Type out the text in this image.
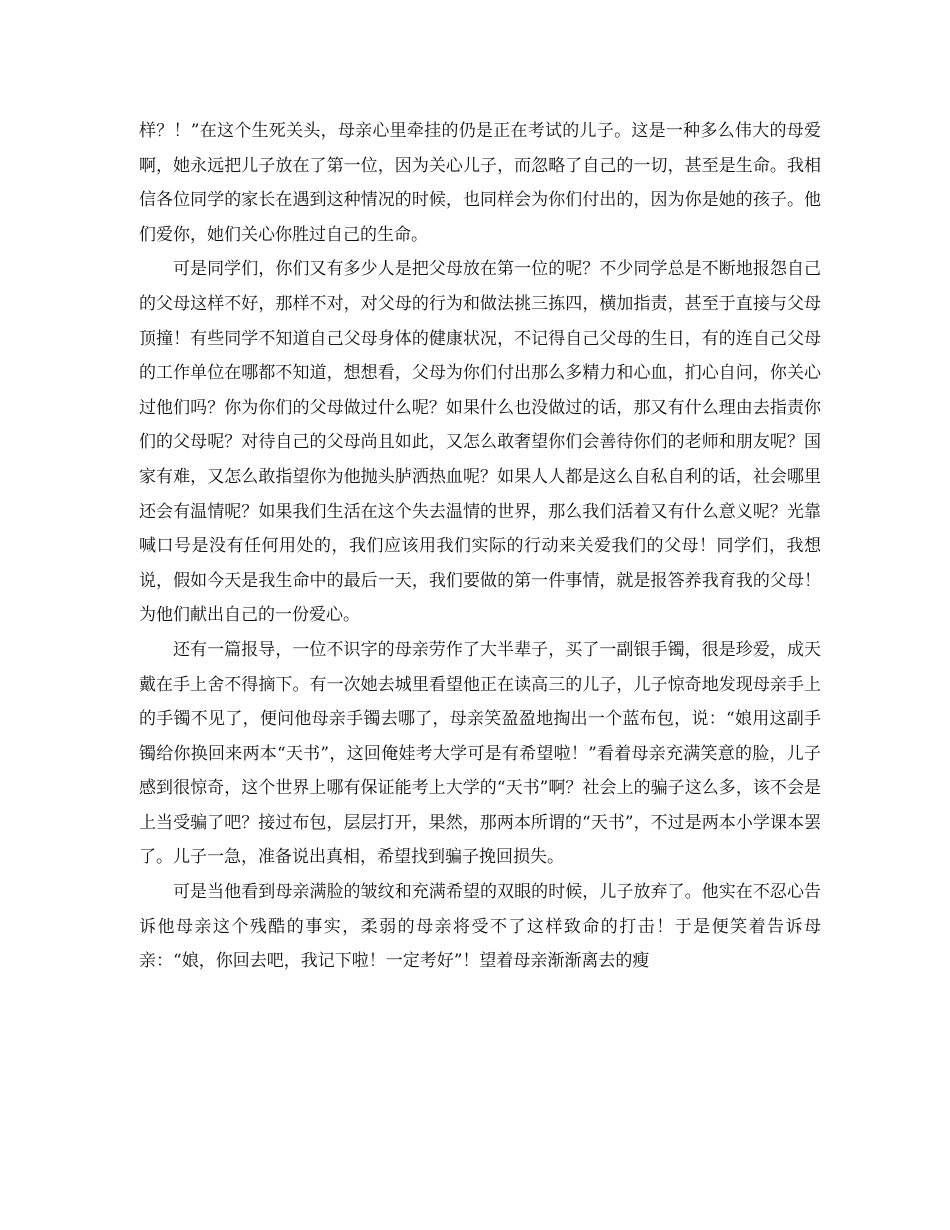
样？！”在这个生死关头，母亲心里牵挂的仍是正在考试的儿子。这是一种多么伟大的母爱啊，她永远把儿子放在了第一位，因为关心儿子，而忽略了自己的一切，甚至是生命。我相信各位同学的家长在遇到这种情况的时候，也同样会为你们付出的，因为你是她的孩子。他们爱你，她们关心你胜过自己的生命。

可是同学们，你们又有多少人是把父母放在第一位的呢？不少同学总是不断地报怨自己的父母这样不好，那样不对，对父母的行为和做法挑三拣四，横加指责，甚至于直接与父母顶撞！有些同学不知道自己父母身体的健康状况，不记得自己父母的生日，有的连自己父母的工作单位在哪都不知道，想想看，父母为你们付出那么多精力和心血，扪心自问，你关心过他们吗？你为你们的父母做过什么呢？如果什么也没做过的话，那又有什么理由去指责你们的父母呢？对待自己的父母尚且如此，又怎么敢奢望你们会善待你们的老师和朋友呢？国家有难，又怎么敢指望你为他抛头胪洒热血呢？如果人人都是这么自私自利的话，社会哪里还会有温情呢？如果我们生活在这个失去温情的世界，那么我们活着又有什么意义呢？光靠喊口号是没有任何用处的，我们应该用我们实际的行动来关爱我们的父母！同学们，我想说，假如今天是我生命中的最后一天，我们要做的第一件事情，就是报答养我育我的父母！为他们献出自己的一份爱心。

还有一篇报导，一位不识字的母亲劳作了大半辈子，买了一副银手镯，很是珍爱，成天戴在手上舍不得摘下。有一次她去城里看望他正在读高三的儿子，儿子惊奇地发现母亲手上的手镯不见了，便问他母亲手镯去哪了，母亲笑盈盈地掏出一个蓝布包，说：“娘用这副手镯给你换回来两本“天书”，这回俺娃考大学可是有希望啦！”看着母亲充满笑意的脸，儿子感到很惊奇，这个世界上哪有保证能考上大学的“天书”啊？社会上的骗子这么多，该不会是上当受骗了吧？接过布包，层层打开，果然，那两本所谓的“天书”，不过是两本小学课本罢了。儿子一急，准备说出真相，希望找到骗子挽回损失。

可是当他看到母亲满脸的皱纹和充满希望的双眼的时候，儿子放弃了。他实在不忍心告诉他母亲这个残酷的事实，柔弱的母亲将受不了这样致命的打击！于是便笑着告诉母亲：“娘，你回去吧，我记下啦！一定考好”！望着母亲渐渐离去的瘦
